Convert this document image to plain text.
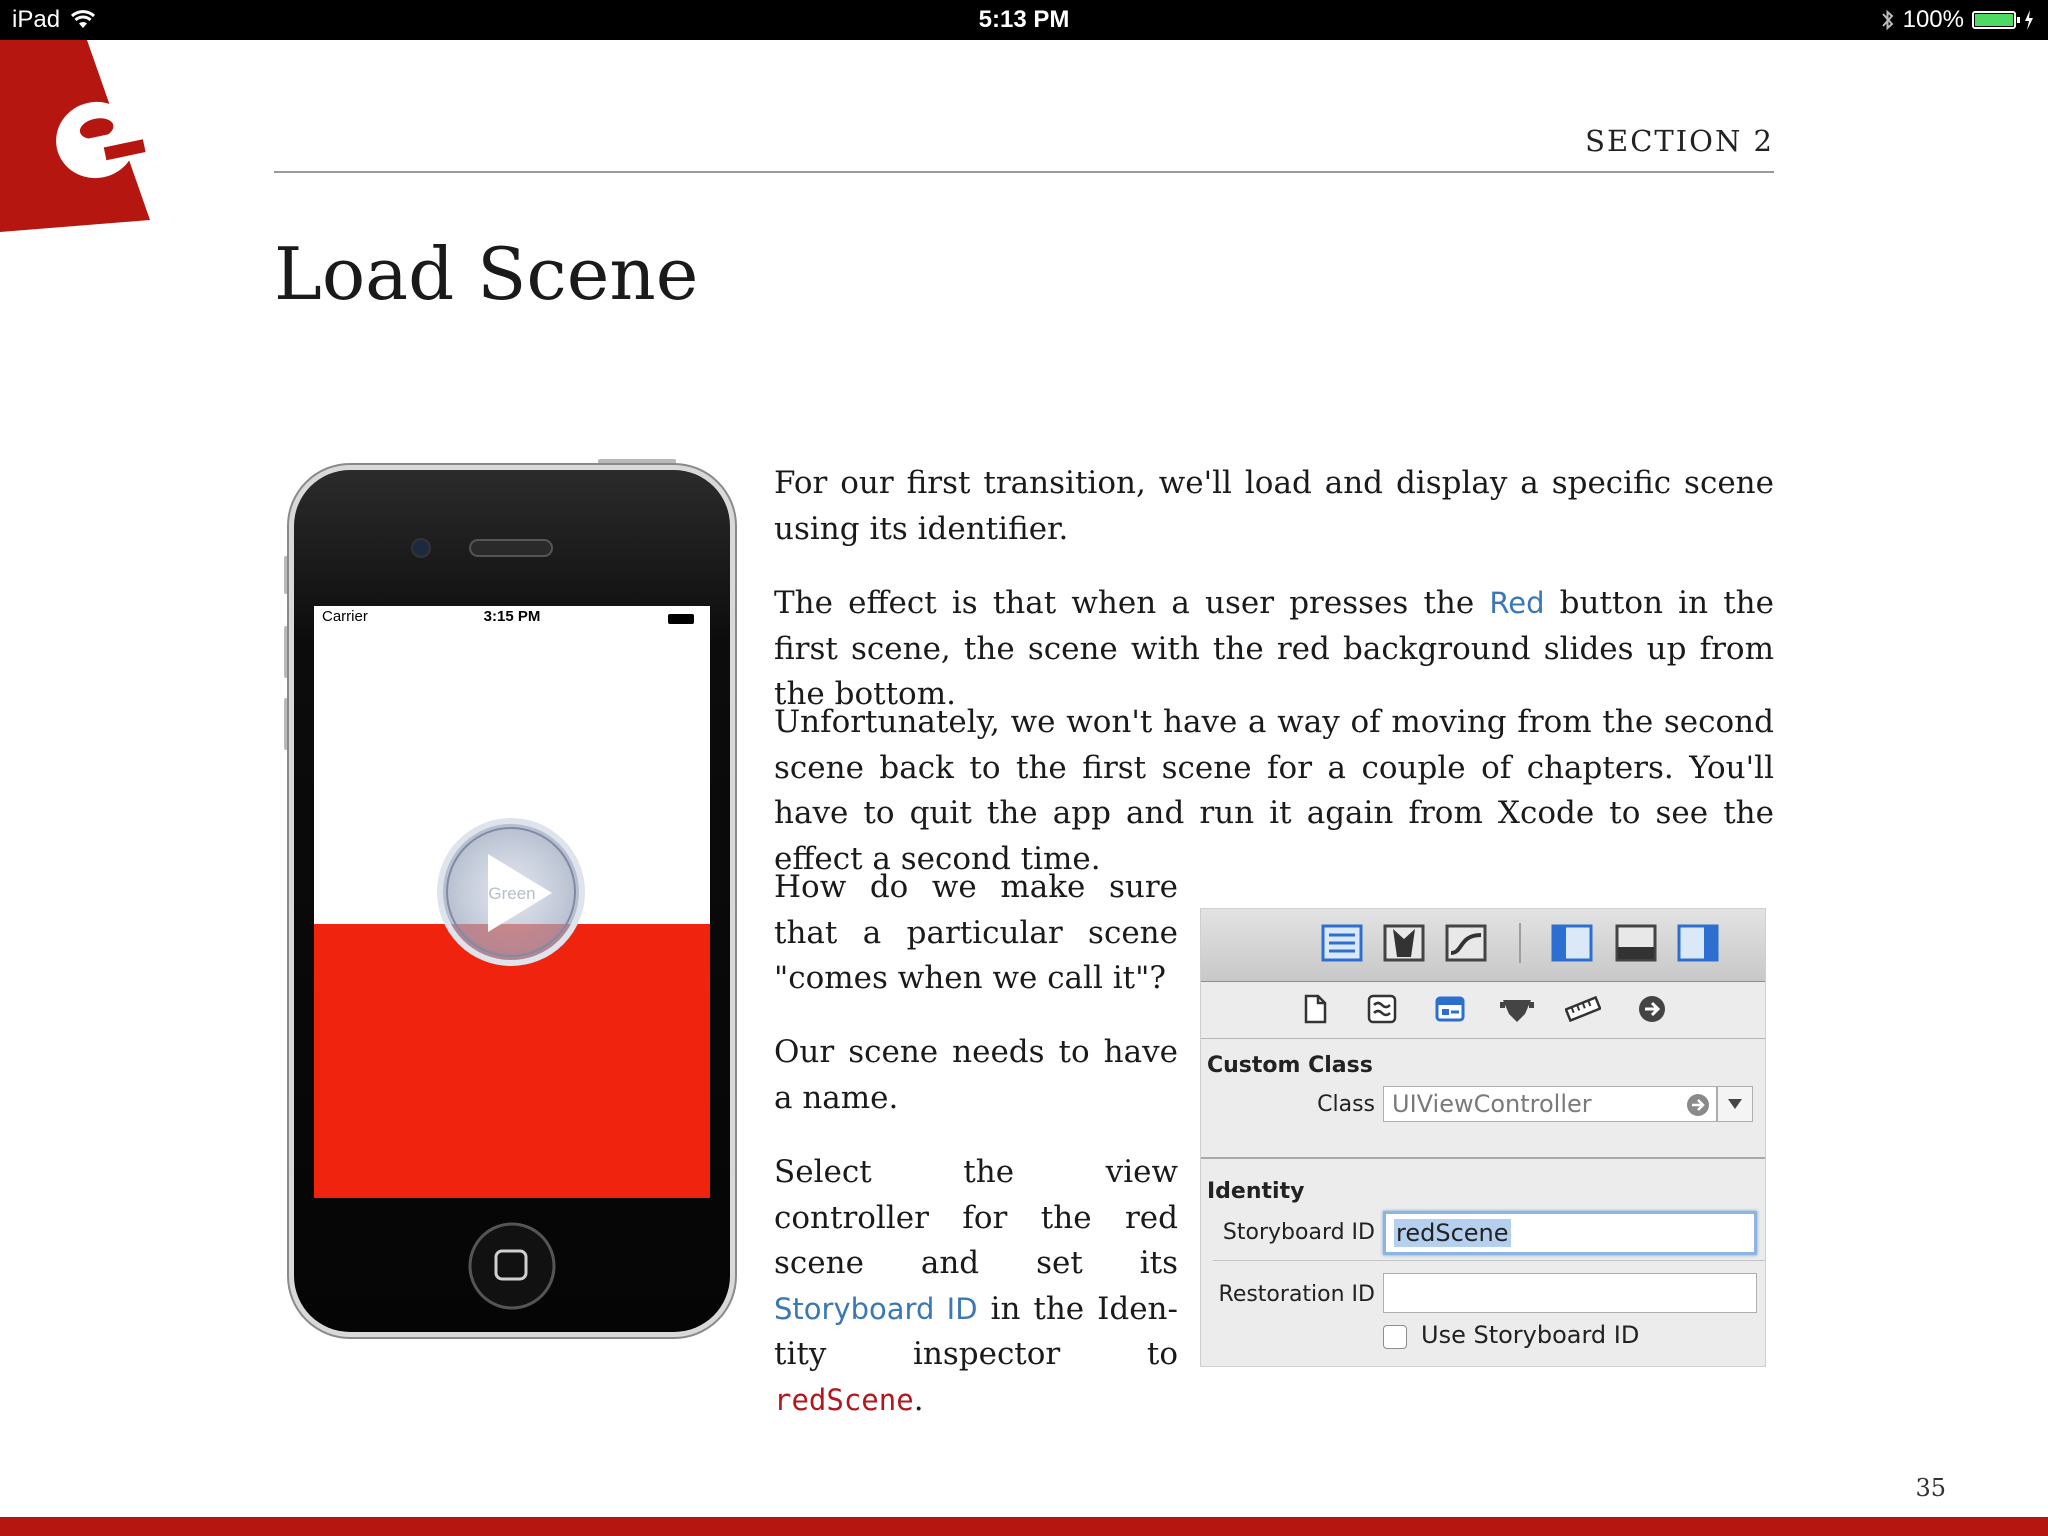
iPad	5:13 PM	100%
SECTION 2
Load Scene
Carrier	3:15 PM
Green

For our first transition, we'll load and display a specific scene using its identifier.

The effect is that when a user presses the Red button in the first scene, the scene with the red background slides up from the bottom.

Unfortunately, we won't have a way of moving from the second scene back to the first scene for a couple of chapters. You'll have to quit the app and run it again from Xcode to see the effect a second time.

How do we make sure that a particular scene "comes when we call it"?

Our scene needs to have a name.

Select the view controller for the red scene and set its Storyboard ID in the Identity inspector to redScene.

Custom Class
Class UIViewController
Identity
Storyboard ID redScene
Restoration ID
Use Storyboard ID
35
